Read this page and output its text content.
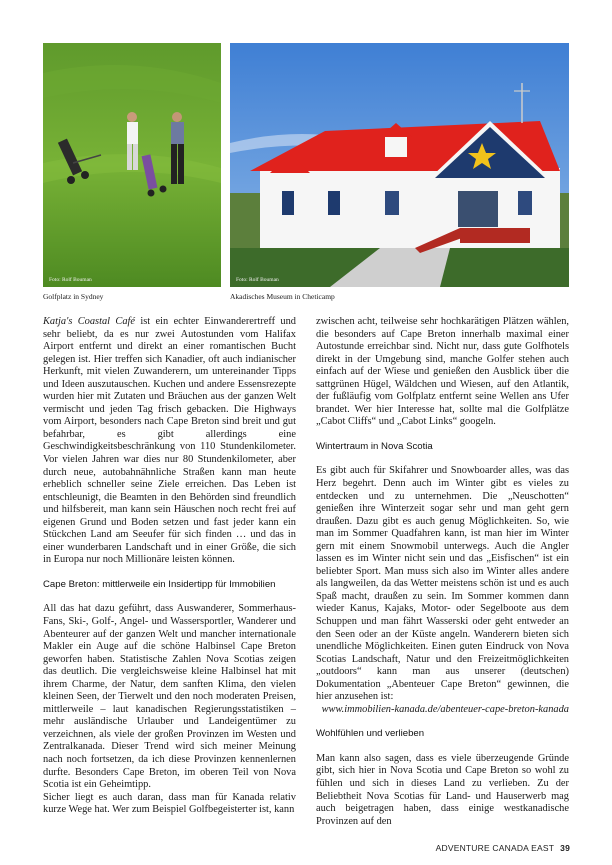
Foto: Rolf Bouman
Golfplatz in Sydney
Foto: Rolf Bouman
Akadisches Museum in Cheticamp

Katja's Coastal Café ist ein echter Einwanderertreff und sehr beliebt, da es nur zwei Autostunden vom Halifax Airport entfernt und direkt an einer romantischen Bucht gelegen ist. Hier treffen sich Kanadier, oft auch indianischer Herkunft, mit vielen Zuwanderern, um untereinander Tipps und Ideen auszutauschen. Kuchen und andere Essensrezepte wurden hier mit Zutaten und Bräuchen aus der ganzen Welt vermischt und jeden Tag frisch gebacken. Die Highways vom Airport, besonders nach Cape Breton sind breit und gut befahrbar, es gibt allerdings eine Geschwindigkeitsbeschränkung von 110 Stundenkilometer. Vor vielen Jahren war dies nur 80 Stundenkilometer, aber durch neue, autobahnähnliche Straßen kann man heute erheblich schneller seine Ziele erreichen. Das Leben ist entschleunigt, die Beamten in den Behörden sind freundlich und hilfsbereit, man kann sein Häuschen noch recht frei auf eigenen Grund und Boden setzen und fast jeder kann ein Stückchen Land am Seeufer für sich finden … und das in einer wunderbaren Landschaft und in einer Größe, die sich in Europa nur noch Millionäre leisten können.

Cape Breton: mittlerweile ein Insidertipp für Immobilien

All das hat dazu geführt, dass Auswanderer, Sommerhaus-Fans, Ski-, Golf-, Angel- und Wassersportler, Wanderer und Abenteurer auf der ganzen Welt und mancher internationale Makler ein Auge auf die schöne Halbinsel Cape Breton geworfen haben. Statistische Zahlen Nova Scotias zeigen das deutlich. Die vergleichsweise kleine Halbinsel hat mit ihrem Charme, der Natur, dem sanften Klima, den vielen kleinen Seen, der Tierwelt und den noch moderaten Preisen, mittlerweile – laut kanadischen Regierungsstatistiken – mehr ausländische Urlauber und Landeigentümer zu verzeichnen, als viele der großen Provinzen im Westen und Zentralkanada. Dieser Trend wird sich meiner Meinung nach noch fortsetzen, da ich diese Provinzen kennenlernen durfte. Besonders Cape Breton, im oberen Teil von Nova Scotia ist ein Geheimtipp.

Sicher liegt es auch daran, dass man für Kanada relativ kurze Wege hat. Wer zum Beispiel Golfbegeisterter ist, kann

zwischen acht, teilweise sehr hochkarätigen Plätzen wählen, die besonders auf Cape Breton innerhalb maximal einer Autostunde erreichbar sind. Nicht nur, dass gute Golfhotels direkt in der Umgebung sind, manche Golfer stehen auch einfach auf der Wiese und genießen den Ausblick über die sattgrünen Hügel, Wäldchen und Wiesen, auf den Atlantik, der fußläufig vom Golfplatz entfernt seine Wellen ans Ufer brandet. Wer hier Interesse hat, sollte mal die Golfplätze „Cabot Cliffs“ und „Cabot Links“ googeln.

Wintertraum in Nova Scotia

Es gibt auch für Skifahrer und Snowboarder alles, was das Herz begehrt. Denn auch im Winter gibt es vieles zu entdecken und zu unternehmen. Die „Neuschotten“ genießen ihre Winterzeit sogar sehr und man geht gern draußen. Dazu gibt es auch genug Möglichkeiten. So, wie man im Sommer Quadfahren kann, ist man hier im Winter gern mit einem Snowmobil unterwegs. Auch die Angler lassen es im Winter nicht sein und das „Eisfischen“ ist ein beliebter Sport. Man muss sich also im Winter alles andere als langweilen, da das Wetter meistens schön ist und es auch Spaß macht, draußen zu sein. Im Sommer kommen dann wieder Kanus, Kajaks, Motor- oder Segelboote aus dem Schuppen und man fährt Wasserski oder geht entweder an den Seen oder an der Küste angeln. Wanderern bieten sich unendliche Möglichkeiten. Einen guten Eindruck von Nova Scotias Landschaft, Natur und den Freizeitmöglichkeiten „outdoors“ kann man aus unserer (deutschen) Dokumentation „Abenteuer Cape Breton“ gewinnen, die hier anzusehen ist:

www.immobilien-kanada.de/abenteuer-cape-breton-kanada

Wohlfühlen und verlieben

Man kann also sagen, dass es viele überzeugende Gründe gibt, sich hier in Nova Scotia und Cape Breton so wohl zu fühlen und sich in dieses Land zu verlieben. Zu der Beliebtheit Nova Scotias für Land- und Hauserwerb mag auch beigetragen haben, dass einige westkanadische Provinzen auf den

ADVENTURE CANADA EAST 39
